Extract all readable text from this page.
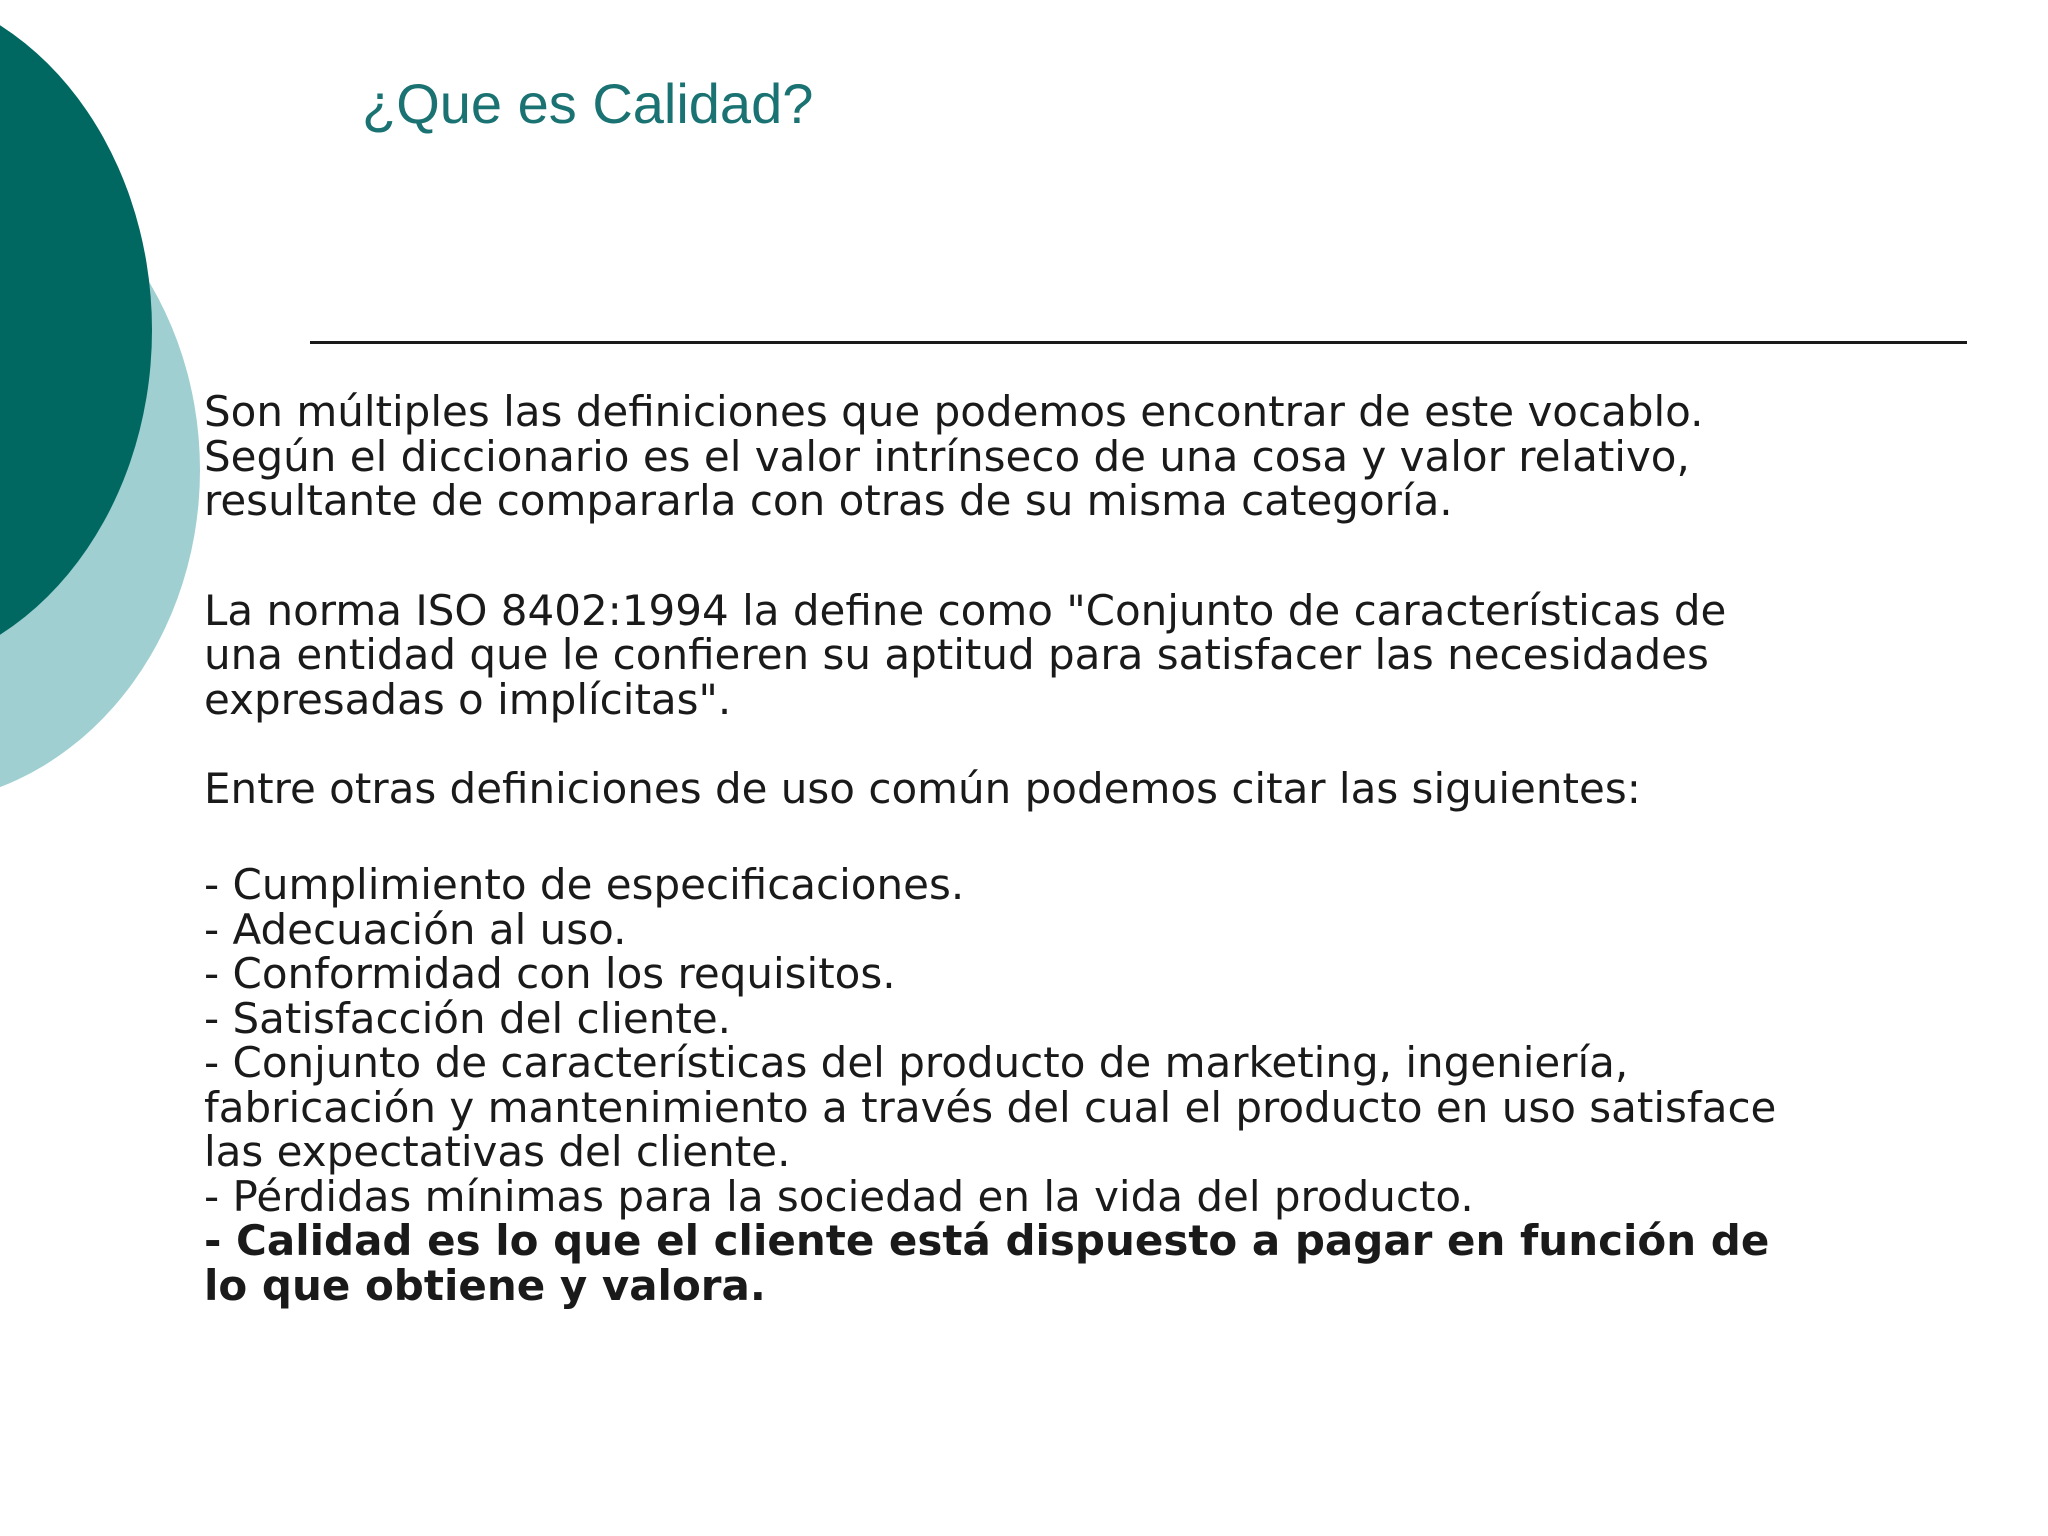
¿Que es Calidad?

Son múltiples las definiciones que podemos encontrar de este vocablo.

Según el diccionario es el valor intrínseco de una cosa y valor relativo,

resultante de compararla con otras de su misma categoría.

La norma ISO 8402:1994 la define como "Conjunto de características de

una entidad que le confieren su aptitud para satisfacer las necesidades

expresadas o implícitas".

Entre otras definiciones de uso común podemos citar las siguientes:

- Cumplimiento de especificaciones.

- Adecuación al uso.

- Conformidad con los requisitos.

- Satisfacción del cliente.

- Conjunto de características del producto de marketing, ingeniería,

fabricación y mantenimiento a través del cual el producto en uso satisface

las expectativas del cliente.

- Pérdidas mínimas para la sociedad en la vida del producto.

- Calidad es lo que el cliente está dispuesto a pagar en función de

lo que obtiene y valora.
